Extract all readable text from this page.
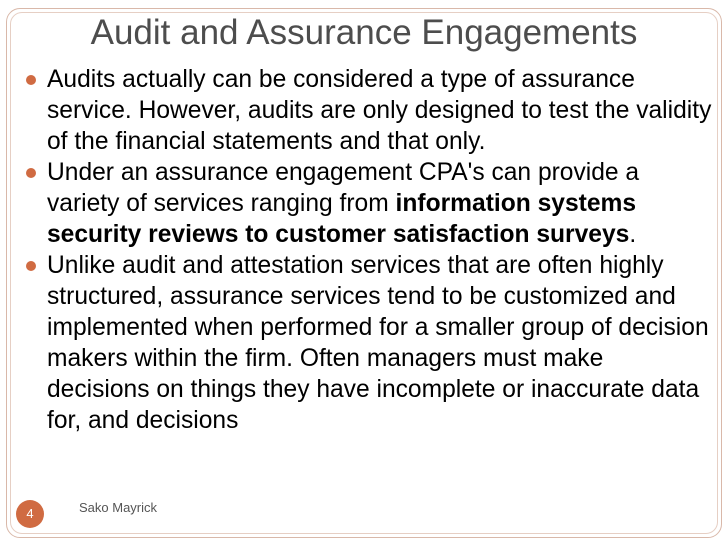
Audit and Assurance Engagements

Audits actually can be considered a type of assurance service. However, audits are only designed to test the validity of the financial statements and that only.

Under an assurance engagement CPA's can provide a variety of services ranging from information systems security reviews to customer satisfaction surveys.

Unlike audit and attestation services that are often highly structured, assurance services tend to be customized and implemented when performed for a smaller group of decision makers within the firm. Often managers must make decisions on things they have incomplete or inaccurate data for, and decisions

4	Sako Mayrick
